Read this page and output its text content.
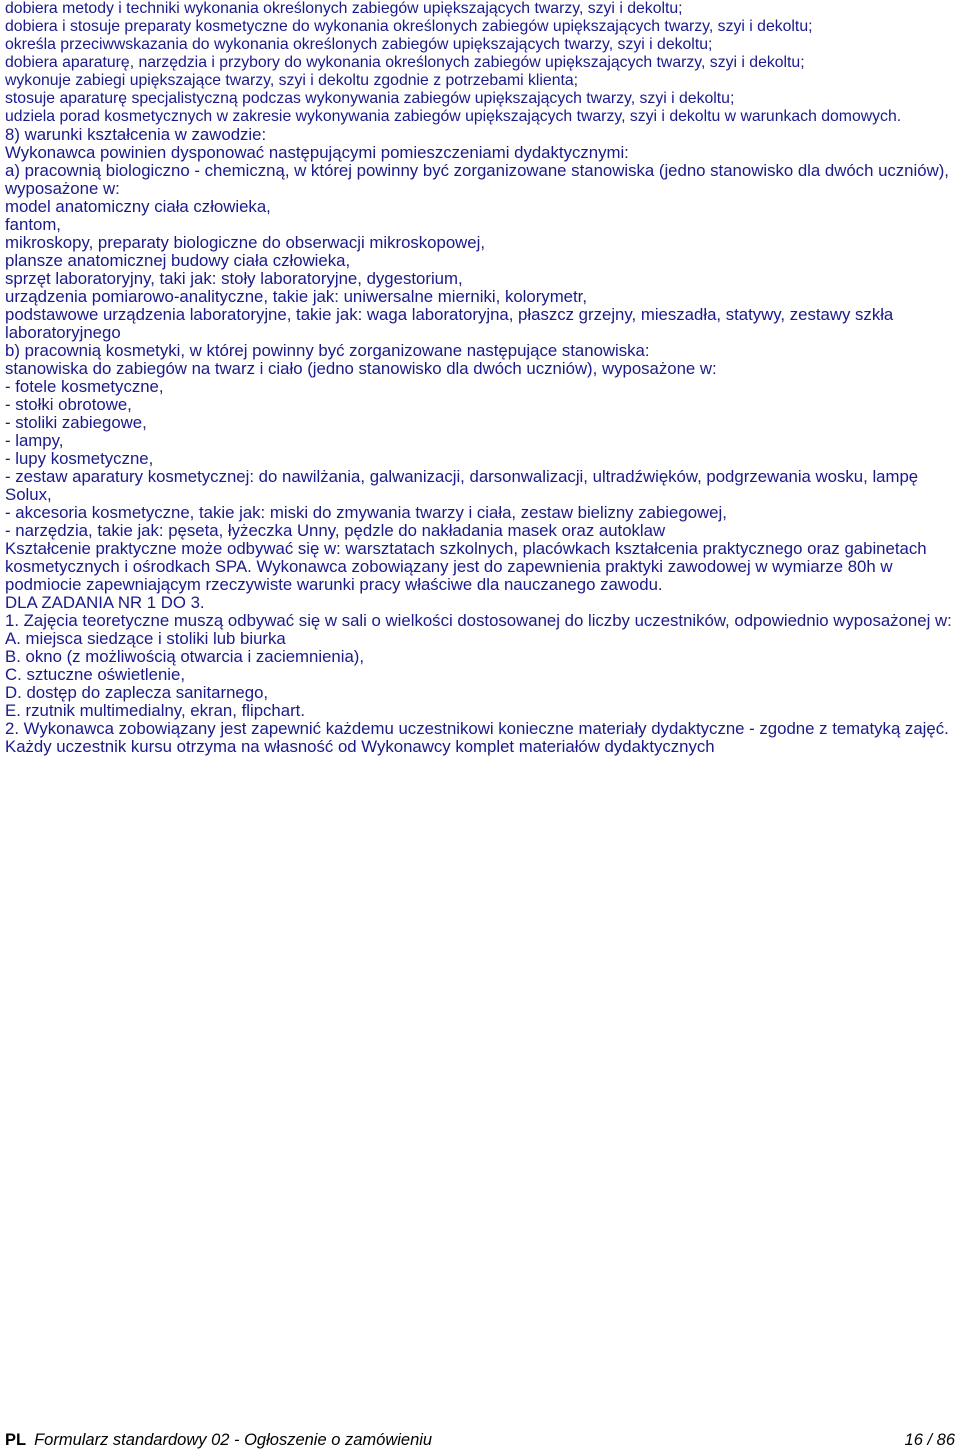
dobiera metody i techniki wykonania określonych zabiegów upiększających twarzy, szyi i dekoltu;
dobiera i stosuje preparaty kosmetyczne do wykonania określonych zabiegów upiększających twarzy, szyi i dekoltu;
określa przeciwwskazania do wykonania określonych zabiegów upiększających twarzy, szyi i dekoltu;
dobiera aparaturę, narzędzia i przybory do wykonania określonych zabiegów upiększających twarzy, szyi i dekoltu;
wykonuje zabiegi upiększające twarzy, szyi i dekoltu zgodnie z potrzebami klienta;
stosuje aparaturę specjalistyczną podczas wykonywania zabiegów upiększających twarzy, szyi i dekoltu;
udziela porad kosmetycznych w zakresie wykonywania zabiegów upiększających twarzy, szyi i dekoltu w warunkach domowych.
8) warunki kształcenia w zawodzie:
Wykonawca powinien dysponować następującymi pomieszczeniami dydaktycznymi:
a) pracownią biologiczno - chemiczną, w której powinny być zorganizowane stanowiska (jedno stanowisko dla dwóch uczniów), wyposażone w:
model anatomiczny ciała człowieka,
fantom,
mikroskopy, preparaty biologiczne do obserwacji mikroskopowej,
plansze anatomicznej budowy ciała człowieka,
sprzęt laboratoryjny, taki jak: stoły laboratoryjne, dygestorium,
urządzenia pomiarowo-analityczne, takie jak: uniwersalne mierniki, kolorymetr,
podstawowe urządzenia laboratoryjne, takie jak: waga laboratoryjna, płaszcz grzejny, mieszadła, statywy, zestawy szkła laboratoryjnego
b) pracownią kosmetyki, w której powinny być zorganizowane następujące stanowiska:
stanowiska do zabiegów na twarz i ciało (jedno stanowisko dla dwóch uczniów), wyposażone w:
- fotele kosmetyczne,
- stołki obrotowe,
- stoliki zabiegowe,
- lampy,
- lupy kosmetyczne,
- zestaw aparatury kosmetycznej: do nawilżania, galwanizacji, darsonwalizacji, ultradźwięków, podgrzewania wosku, lampę Solux,
- akcesoria kosmetyczne, takie jak: miski do zmywania twarzy i ciała, zestaw bielizny zabiegowej,
- narzędzia, takie jak: pęseta, łyżeczka Unny, pędzle do nakładania masek oraz autoklaw
Kształcenie praktyczne może odbywać się w: warsztatach szkolnych, placówkach kształcenia praktycznego oraz gabinetach kosmetycznych i ośrodkach SPA. Wykonawca zobowiązany jest do zapewnienia praktyki zawodowej w wymiarze 80h w podmiocie zapewniającym rzeczywiste warunki pracy właściwe dla nauczanego zawodu.
DLA ZADANIA NR 1 DO 3.
1. Zajęcia teoretyczne muszą odbywać się w sali o wielkości dostosowanej do liczby uczestników, odpowiednio wyposażonej w:
A. miejsca siedzące i stoliki lub biurka
B. okno (z możliwością otwarcia i zaciemnienia),
C. sztuczne oświetlenie,
D. dostęp do zaplecza sanitarnego,
E. rzutnik multimedialny, ekran, flipchart.
2. Wykonawca zobowiązany jest zapewnić każdemu uczestnikowi konieczne materiały dydaktyczne - zgodne z tematyką zajęć. Każdy uczestnik kursu otrzyma na własność od Wykonawcy komplet materiałów dydaktycznych
PL Formularz standardowy 02 - Ogłoszenie o zamówieniu	16 / 86
